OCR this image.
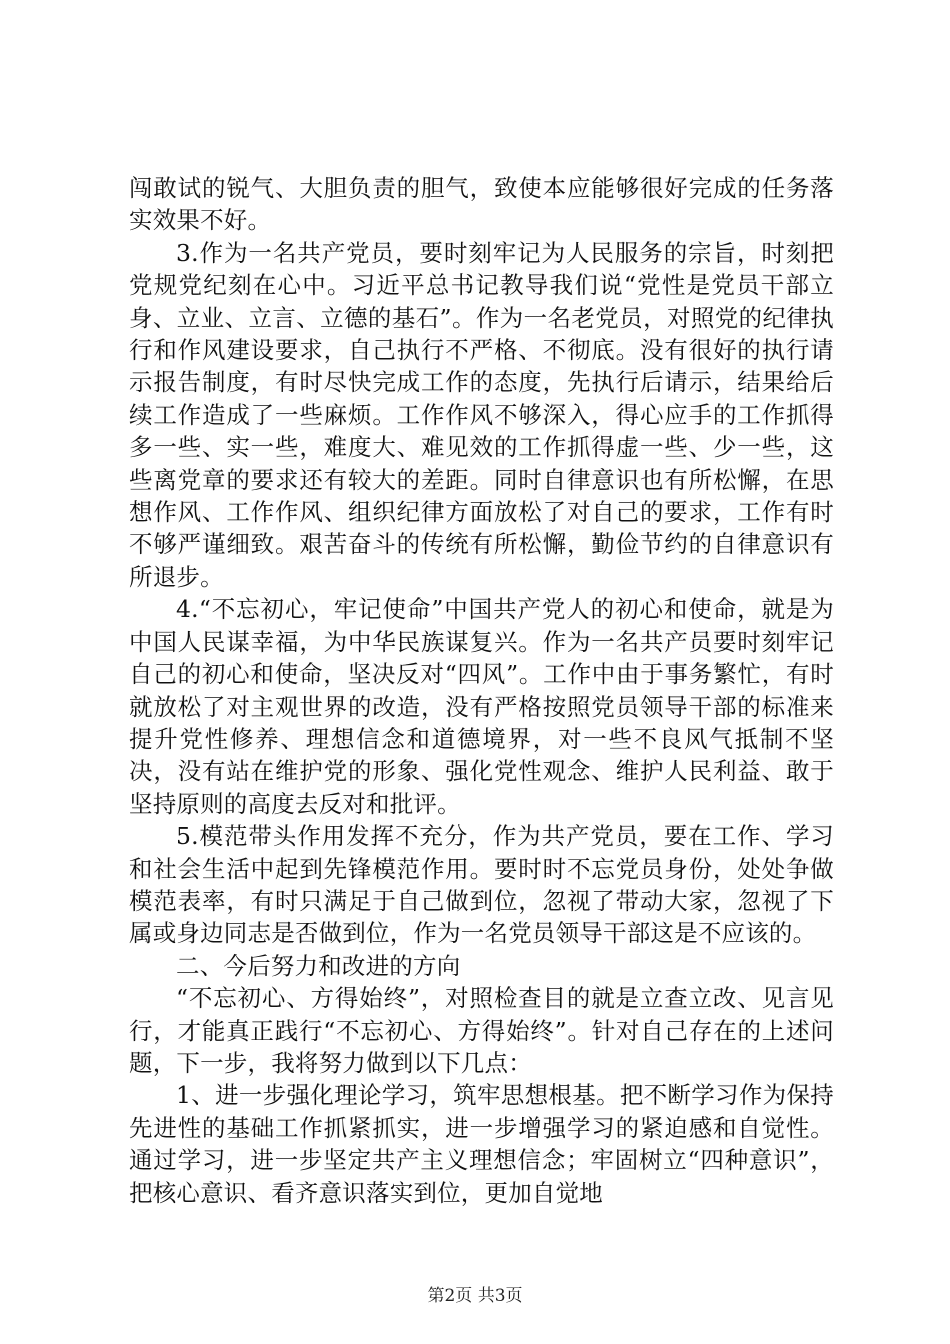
闯敢试的锐气、大胆负责的胆气，致使本应能够很好完成的任务落实效果不好。

3.作为一名共产党员，要时刻牢记为人民服务的宗旨，时刻把党规党纪刻在心中。习近平总书记教导我们说“党性是党员干部立身、立业、立言、立德的基石”。作为一名老党员，对照党的纪律执行和作风建设要求，自己执行不严格、不彻底。没有很好的执行请示报告制度，有时尽快完成工作的态度，先执行后请示，结果给后续工作造成了一些麻烦。工作作风不够深入，得心应手的工作抓得多一些、实一些，难度大、难见效的工作抓得虚一些、少一些，这些离党章的要求还有较大的差距。同时自律意识也有所松懈，在思想作风、工作作风、组织纪律方面放松了对自己的要求，工作有时不够严谨细致。艰苦奋斗的传统有所松懈，勤俭节约的自律意识有所退步。

4.“不忘初心，牢记使命”中国共产党人的初心和使命，就是为中国人民谋幸福，为中华民族谋复兴。作为一名共产员要时刻牢记自己的初心和使命，坚决反对“四风”。工作中由于事务繁忙，有时就放松了对主观世界的改造，没有严格按照党员领导干部的标准来提升党性修养、理想信念和道德境界，对一些不良风气抵制不坚决，没有站在维护党的形象、强化党性观念、维护人民利益、敢于坚持原则的高度去反对和批评。

5.模范带头作用发挥不充分，作为共产党员，要在工作、学习和社会生活中起到先锋模范作用。要时时不忘党员身份，处处争做模范表率，有时只满足于自己做到位，忽视了带动大家，忽视了下属或身边同志是否做到位，作为一名党员领导干部这是不应该的。

二、今后努力和改进的方向

“不忘初心、方得始终”，对照检查目的就是立查立改、见言见行，才能真正践行“不忘初心、方得始终”。针对自己存在的上述问题，下一步，我将努力做到以下几点：

1、进一步强化理论学习，筑牢思想根基。把不断学习作为保持先进性的基础工作抓紧抓实，进一步增强学习的紧迫感和自觉性。通过学习，进一步坚定共产主义理想信念；牢固树立“四种意识”，把核心意识、看齐意识落实到位，更加自觉地

第2页 共3页
